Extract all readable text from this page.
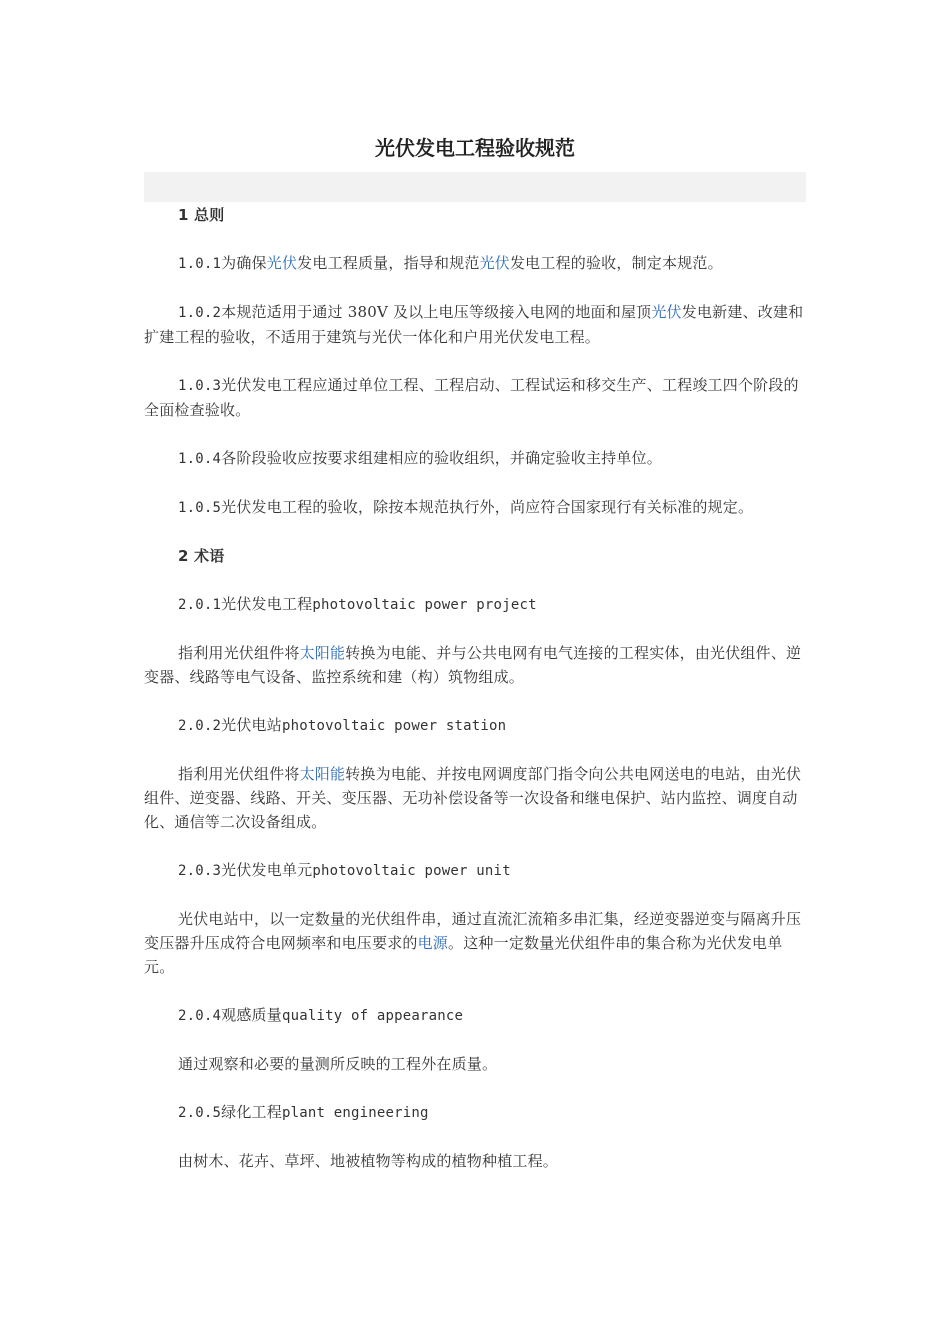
光伏发电工程验收规范

1 总则

1.0.1为确保光伏发电工程质量，指导和规范光伏发电工程的验收，制定本规范。

1.0.2本规范适用于通过 380V 及以上电压等级接入电网的地面和屋顶光伏发电新建、改建和扩建工程的验收，不适用于建筑与光伏一体化和户用光伏发电工程。

1.0.3光伏发电工程应通过单位工程、工程启动、工程试运和移交生产、工程竣工四个阶段的全面检查验收。

1.0.4各阶段验收应按要求组建相应的验收组织，并确定验收主持单位。

1.0.5光伏发电工程的验收，除按本规范执行外，尚应符合国家现行有关标准的规定。

2 术语

2.0.1光伏发电工程photovoltaic power project

指利用光伏组件将太阳能转换为电能、并与公共电网有电气连接的工程实体，由光伏组件、逆变器、线路等电气设备、监控系统和建（构）筑物组成。

2.0.2光伏电站photovoltaic power station

指利用光伏组件将太阳能转换为电能、并按电网调度部门指令向公共电网送电的电站，由光伏组件、逆变器、线路、开关、变压器、无功补偿设备等一次设备和继电保护、站内监控、调度自动化、通信等二次设备组成。

2.0.3光伏发电单元photovoltaic power unit

光伏电站中，以一定数量的光伏组件串，通过直流汇流箱多串汇集，经逆变器逆变与隔离升压变压器升压成符合电网频率和电压要求的电源。这种一定数量光伏组件串的集合称为光伏发电单元。

2.0.4观感质量quality of appearance

通过观察和必要的量测所反映的工程外在质量。

2.0.5绿化工程plant engineering

由树木、花卉、草坪、地被植物等构成的植物种植工程。
